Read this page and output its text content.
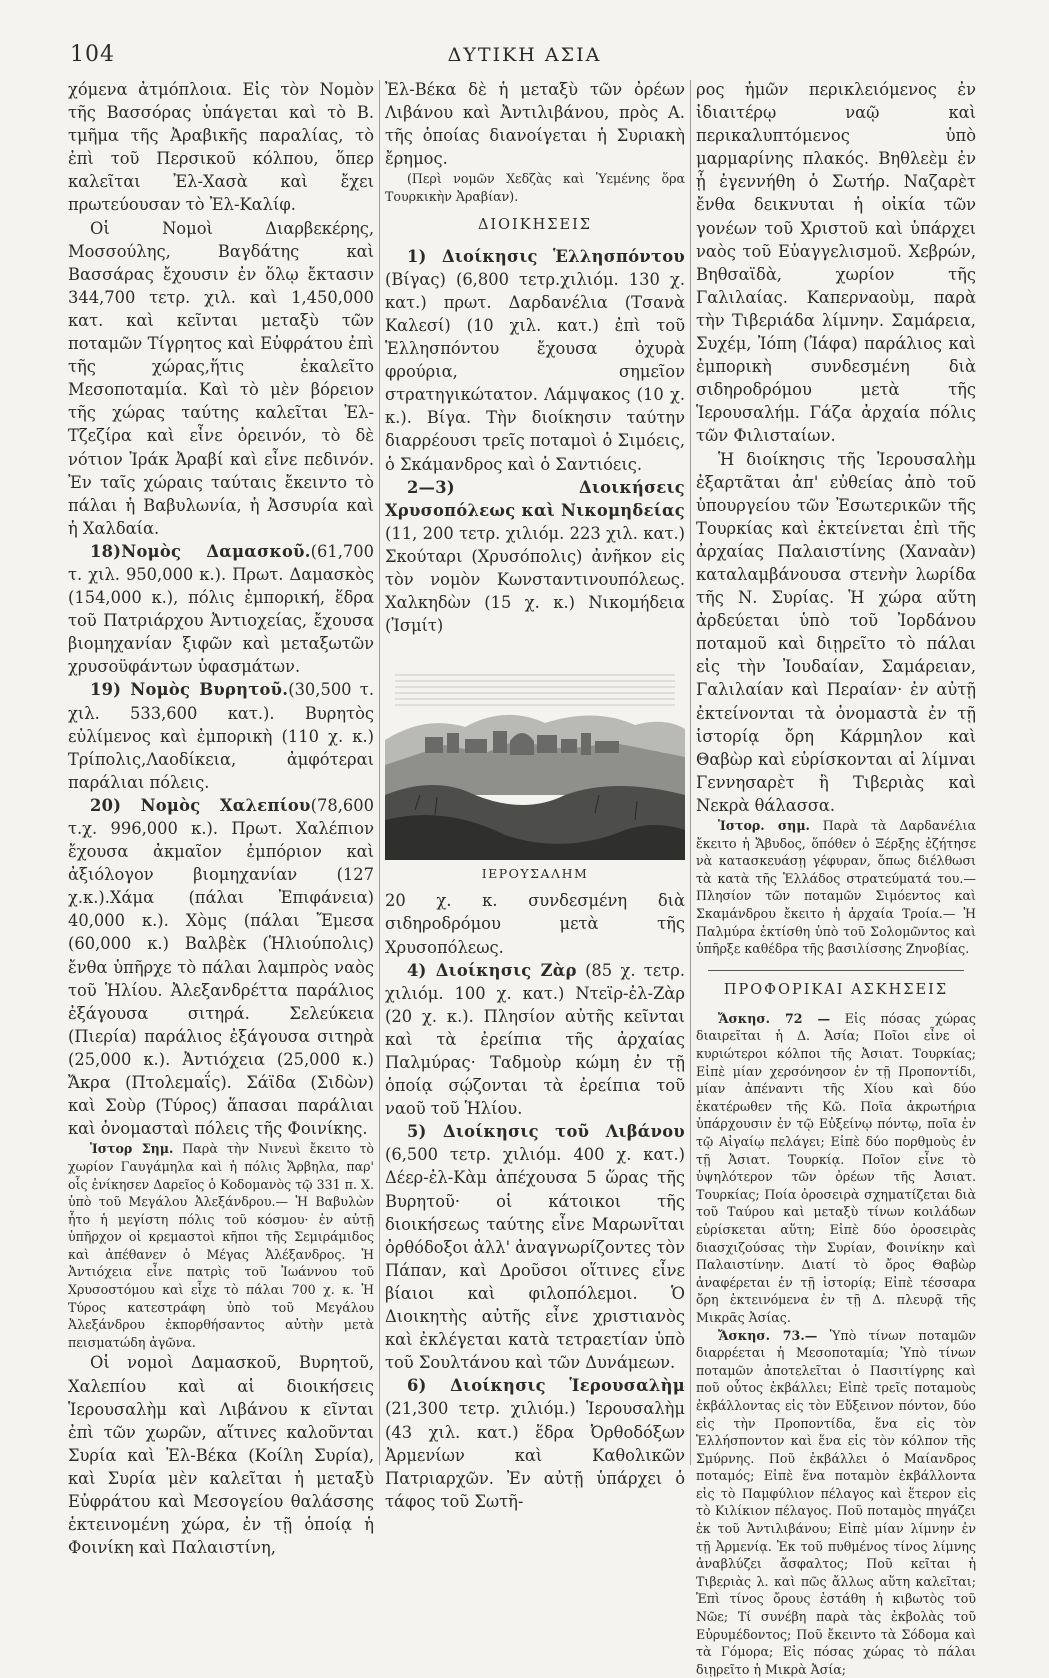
104	ΔΥΤΙΚΗ ΑΣΙΑ

χόμενα ἀτμόπλοια. Εἰς τὸν Νομὸν τῆς Βασσόρας ὑπάγεται καὶ τὸ Β. τμῆμα τῆς Ἀραβικῆς παραλίας, τὸ ἐπὶ τοῦ Περσικοῦ κόλπου, ὅπερ καλεῖται Ἐλ-Χασὰ καὶ ἔχει πρωτεύουσαν τὸ Ἐλ-Καλίφ.

Οἱ Νομοὶ Διαρβεκέρης, Μοσσούλης, Βαγδάτης καὶ Βασσάρας ἔχουσιν ἐν ὅλῳ ἔκτασιν 344,700 τετρ. χιλ. καὶ 1,450,000 κατ. καὶ κεῖνται μεταξὺ τῶν ποταμῶν Τίγρητος καὶ Εὐφράτου ἐπὶ τῆς χώρας,ἥτις ἐκαλεῖτο Μεσοποταμία. Καὶ τὸ μὲν βόρειον τῆς χώρας ταύτης καλεῖται Ἐλ-Τζεζίρα καὶ εἶνε ὀρεινόν, τὸ δὲ νότιον Ἰράκ Ἀραβί καὶ εἶνε πεδινόν. Ἐν ταῖς χώραις ταύταις ἔκειντο τὸ πάλαι ἡ Βαβυλωνία, ἡ Ἀσσυρία καὶ ἡ Χαλδαία.

18)Νομὸς Δαμασκοῦ.(61,700 τ. χιλ. 950,000 κ.). Πρωτ. Δαμασκὸς (154,000 κ.), πόλις ἐμπορική, ἕδρα τοῦ Πατριάρχου Ἀντιοχείας, ἔχουσα βιομηχανίαν ξιφῶν καὶ μεταξωτῶν χρυσοϋφάντων ὑφασμάτων.

19) Νομὸς Βυρητοῦ.(30,500 τ. χιλ. 533,600 κατ.). Βυρητὸς εὐλίμενος καὶ ἐμπορικὴ (110 χ. κ.) Τρίπολις,Λαοδίκεια, ἀμφότεραι παράλιαι πόλεις.

20) Νομὸς Χαλεπίου(78,600 τ.χ. 996,000 κ.). Πρωτ. Χαλέπιον ἔχουσα ἀκμαῖον ἐμπόριον καὶ ἀξιόλογον βιομηχανίαν (127 χ.κ.).Χάμα (πάλαι Ἐπιφάνεια) 40,000 κ.). Χὸμς (πάλαι Ἔμεσα (60,000 κ.) Βαλβὲκ (Ἡλιούπολις) ἔνθα ὑπῆρχε τὸ πάλαι λαμπρὸς ναὸς τοῦ Ἡλίου. Ἀλεξανδρέττα παράλιος ἐξάγουσα σιτηρά. Σελεύκεια (Πιερία) παράλιος ἐξάγουσα σιτηρὰ (25,000 κ.). Ἀντιόχεια (25,000 κ.) Ἄκρα (Πτολεμαΐς). Σάϊδα (Σιδὼν) καὶ Σοὺρ (Τύρος) ἅπασαι παράλιαι καὶ ὀνομασταὶ πόλεις τῆς Φοινίκης.

Ἱστορ Σημ. Παρὰ τὴν Νινευὶ ἔκειτο τὸ χωρίον Γαυγάμηλα καὶ ἡ πόλις Ἄρβηλα, παρ' οἷς ἐνίκησεν Δαρεῖος ὁ Κοδομανὸς τῷ 331 π. Χ. ὑπὸ τοῦ Μεγάλου Ἀλεξάνδρου.— Ἡ Βαβυλὼν ἦτο ἡ μεγίστη πόλις τοῦ κόσμου· ἐν αὐτῇ ὑπῆρχον οἱ κρεμαστοὶ κῆποι τῆς Σεμιράμιδος καὶ ἀπέθανεν ὁ Μέγας Ἀλέξανδρος. Ἡ Ἀντιόχεια εἶνε πατρὶς τοῦ Ἰωάννου τοῦ Χρυσοστόμου καὶ εἶχε τὸ πάλαι 700 χ. κ. Ἡ Τύρος κατεστράφη ὑπὸ τοῦ Μεγάλου Ἀλεξάνδρου ἐκπορθήσαντος αὐτὴν μετὰ πεισματώδη ἀγῶνα.

Οἱ νομοὶ Δαμασκοῦ, Βυρητοῦ, Χαλεπίου καὶ αἱ διοικήσεις Ἱερουσαλὴμ καὶ Λιβάνου κ εῖνται ἐπὶ τῶν χωρῶν, αἵτινες καλοῦνται Συρία καὶ Ἐλ-Βέκα (Κοίλη Συρία), καὶ Συρία μὲν καλεῖται ἡ μεταξὺ Εὐφράτου καὶ Μεσογείου θαλάσσης ἐκτεινομένη χώρα, ἐν τῇ ὁποίᾳ ἡ Φοινίκη καὶ Παλαιστίνη,

Ἐλ-Βέκα δὲ ἡ μεταξὺ τῶν ὀρέων Λιβάνου καὶ Ἀντιλιβάνου, πρὸς Α. τῆς ὁποίας διανοίγεται ἡ Συριακὴ ἔρημος.

(Περὶ νομῶν Χεδζὰς καὶ Ὑεμένης ὅρα Τουρκικὴν Ἀραβίαν).

ΔΙΟΙΚΗΣΕΙΣ

1) Διοίκησις Ἑλλησπόντου (Βίγας) (6,800 τετρ.χιλιόμ. 130 χ. κατ.) πρωτ. Δαρδανέλια (Τσανὰ Καλεσί) (10 χιλ. κατ.) ἐπὶ τοῦ Ἑλλησπόντου ἔχουσα ὀχυρὰ φρούρια, σημεῖον στρατηγικώτατον. Λάμψακος (10 χ. κ.). Βίγα. Τὴν διοίκησιν ταύτην διαρρέουσι τρεῖς ποταμοὶ ὁ Σιμόεις, ὁ Σκάμανδρος καὶ ὁ Σαντιόεις.

2—3) Διοικήσεις Χρυσοπόλεως καὶ Νικομηδείας (11, 200 τετρ. χιλιόμ. 223 χιλ. κατ.) Σκούταρι (Χρυσόπολις) ἀνῆκον εἰς τὸν νομὸν Κωνσταντινουπόλεως. Χαλκηδὼν (15 χ. κ.) Νικομήδεια (Ἰσμίτ)

ΙΕΡΟΥΣΑΛΗΜ

20 χ. κ. συνδεσμένη διὰ σιδηροδρόμου μετὰ τῆς Χρυσοπόλεως.

4) Διοίκησις Ζὰρ (85 χ. τετρ. χιλιόμ. 100 χ. κατ.) Ντεϊρ-ἐλ-Ζὰρ (20 χ. κ.). Πλησίον αὐτῆς κεῖνται καὶ τὰ ἐρείπια τῆς ἀρχαίας Παλμύρας· Ταδμοὺρ κώμη ἐν τῇ ὁποίᾳ σῴζονται τὰ ἐρείπια τοῦ ναοῦ τοῦ Ἡλίου.

5) Διοίκησις τοῦ Λιβάνου (6,500 τετρ. χιλιόμ. 400 χ. κατ.) Δέερ-ἐλ-Κὰμ ἀπέχουσα 5 ὥρας τῆς Βυρητοῦ· οἱ κάτοικοι τῆς διοικήσεως ταύτης εἶνε Μαρωνῖται ὀρθόδοξοι ἀλλ' ἀναγνωρίζοντες τὸν Πάπαν, καὶ Δροῦσοι οἵτινες εἶνε βίαιοι καὶ φιλοπόλεμοι. Ὁ Διοικητὴς αὐτῆς εἶνε χριστιανὸς καὶ ἐκλέγεται κατὰ τετραετίαν ὑπὸ τοῦ Σουλτάνου καὶ τῶν Δυνάμεων.

6) Διοίκησις Ἱερουσαλὴμ (21,300 τετρ. χιλιόμ.) Ἱερουσαλὴμ (43 χιλ. κατ.) ἕδρα Ὀρθοδόξων Ἀρμενίων καὶ Καθολικῶν Πατριαρχῶν. Ἐν αὐτῇ ὑπάρχει ὁ τάφος τοῦ Σωτῆ-

ρος ἡμῶν περικλειόμενος ἐν ἰδιαιτέρῳ ναῷ καὶ περικαλυπτόμενος ὑπὸ μαρμαρίνης πλακός. Βηθλεὲμ ἐν ᾗ ἐγεννήθη ὁ Σωτήρ. Ναζαρὲτ ἔνθα δεικνυται ἡ οἰκία τῶν γονέων τοῦ Χριστοῦ καὶ ὑπάρχει ναὸς τοῦ Εὐαγγελισμοῦ. Χεβρών, Βηθσαϊδὰ, χωρίον τῆς Γαλιλαίας. Καπερναοὺμ, παρὰ τὴν Τιβεριάδα λίμνην. Σαμάρεια, Συχέμ, Ἰόπη (Ἰάφα) παράλιος καὶ ἐμπορικὴ συνδεσμένη διὰ σιδηροδρόμου μετὰ τῆς Ἱερουσαλήμ. Γάζα ἀρχαία πόλις τῶν Φιλισταίων.

Ἡ διοίκησις τῆς Ἱερουσαλὴμ ἐξαρτᾶται ἀπ' εὐθείας ἀπὸ τοῦ ὑπουργείου τῶν Ἐσωτερικῶν τῆς Τουρκίας καὶ ἐκτείνεται ἐπὶ τῆς ἀρχαίας Παλαιστίνης (Χαναὰν) καταλαμβάνουσα στενὴν λωρίδα τῆς Ν. Συρίας. Ἡ χώρα αὕτη ἀρδεύεται ὑπὸ τοῦ Ἰορδάνου ποταμοῦ καὶ διῃρεῖτο τὸ πάλαι εἰς τὴν Ἰουδαίαν, Σαμάρειαν, Γαλιλαίαν καὶ Περαίαν· ἐν αὐτῇ ἐκτείνονται τὰ ὀνομαστὰ ἐν τῇ ἱστορίᾳ ὄρη Κάρμηλον καὶ Θαβὼρ καὶ εὑρίσκονται αἱ λίμναι Γεννησαρὲτ ἢ Τιβεριὰς καὶ Νεκρὰ θάλασσα.

Ἱστορ. σημ. Παρὰ τὰ Δαρδανέλια ἔκειτο ἡ Ἄβυδος, ὅπόθεν ὁ Ξέρξης ἐζήτησε νὰ κατασκευάσῃ γέφυραν, ὅπως διέλθωσι τὰ κατὰ τῆς Ἑλλάδος στρατεύματά του.— Πλησίον τῶν ποταμῶν Σιμόεντος καὶ Σκαμάνδρου ἔκειτο ἡ ἀρχαία Τροία.— Ἡ Παλμύρα ἐκτίσθη ὑπὸ τοῦ Σολομῶντος καὶ ὑπῆρξε καθέδρα τῆς βασιλίσσης Ζηνοβίας.

ΠΡΟΦΟΡΙΚΑΙ ΑΣΚΗΣΕΙΣ

Ἄσκησ. 72 — Εἰς πόσας χώρας διαιρεῖται ἡ Δ. Ἀσία; Ποῖοι εἶνε οἱ κυριώτεροι κόλποι τῆς Ἀσιατ. Τουρκίας; Εἰπὲ μίαν χερσόνησον ἐν τῇ Προποντίδι, μίαν ἀπέναντι τῆς Χίου καὶ δύο ἑκατέρωθεν τῆς Κῶ. Ποῖα ἀκρωτήρια ὑπάρχουσιν ἐν τῷ Εὐξείνῳ πόντῳ, ποῖα ἐν τῷ Αἰγαίῳ πελάγει; Εἰπὲ δύο πορθμοὺς ἐν τῇ Ἀσιατ. Τουρκίᾳ. Ποῖον εἶνε τὸ ὑψηλότερον τῶν ὀρέων τῆς Ἀσιατ. Τουρκίας; Ποία ὀροσειρὰ σχηματίζεται διὰ τοῦ Ταύρου καὶ μεταξὺ τίνων κοιλάδων εὑρίσκεται αὕτη; Εἰπὲ δύο ὀροσειρὰς διασχιζούσας τὴν Συρίαν, Φοινίκην καὶ Παλαιστίνην. Διατί τὸ ὄρος Θαβὼρ ἀναφέρεται ἐν τῇ ἱστορίᾳ; Εἰπὲ τέσσαρα ὄρη ἐκτεινόμενα ἐν τῇ Δ. πλευρᾷ τῆς Μικρᾶς Ἀσίας.

Ἄσκησ. 73.— Ὑπὸ τίνων ποταμῶν διαρρέεται ἡ Μεσοποταμία; Ὑπὸ τίνων ποταμῶν ἀποτελεῖται ὁ Πασιτίγρης καὶ ποῦ οὗτος ἐκβάλλει; Εἰπὲ τρεῖς ποταμοὺς ἐκβάλλοντας εἰς τὸν Εὔξεινον πόντον, δύο εἰς τὴν Προποντίδα, ἕνα εἰς τὸν Ἑλλήσποντον καὶ ἕνα εἰς τὸν κόλπον τῆς Σμύρνης. Ποῦ ἐκβάλλει ὁ Μαίανδρος ποταμός; Εἰπὲ ἕνα ποταμὸν ἐκβάλλοντα εἰς τὸ Παμφύλιον πέλαγος καὶ ἕτερον εἰς τὸ Κιλίκιον πέλαγος. Ποῦ ποταμὸς πηγάζει ἐκ τοῦ Ἀντιλιβάνου; Εἰπὲ μίαν λίμνην ἐν τῇ Ἀρμενίᾳ. Ἐκ τοῦ πυθμένος τίνος λίμνης ἀναβλύζει ἄσφαλτος; Ποῦ κεῖται ἡ Τιβεριὰς λ. καὶ πῶς ἄλλως αὕτη καλεῖται; Ἐπὶ τίνος ὄρους ἐστάθη ἡ κιβωτὸς τοῦ Νῶε; Τί συνέβη παρὰ τὰς ἐκβολὰς τοῦ Εὐρυμέδοντος; Ποῦ ἔκειντο τὰ Σόδομα καὶ τὰ Γόμορα; Εἰς πόσας χώρας τὸ πάλαι διῃρεῖτο ἡ Μικρὰ Ἀσία;
